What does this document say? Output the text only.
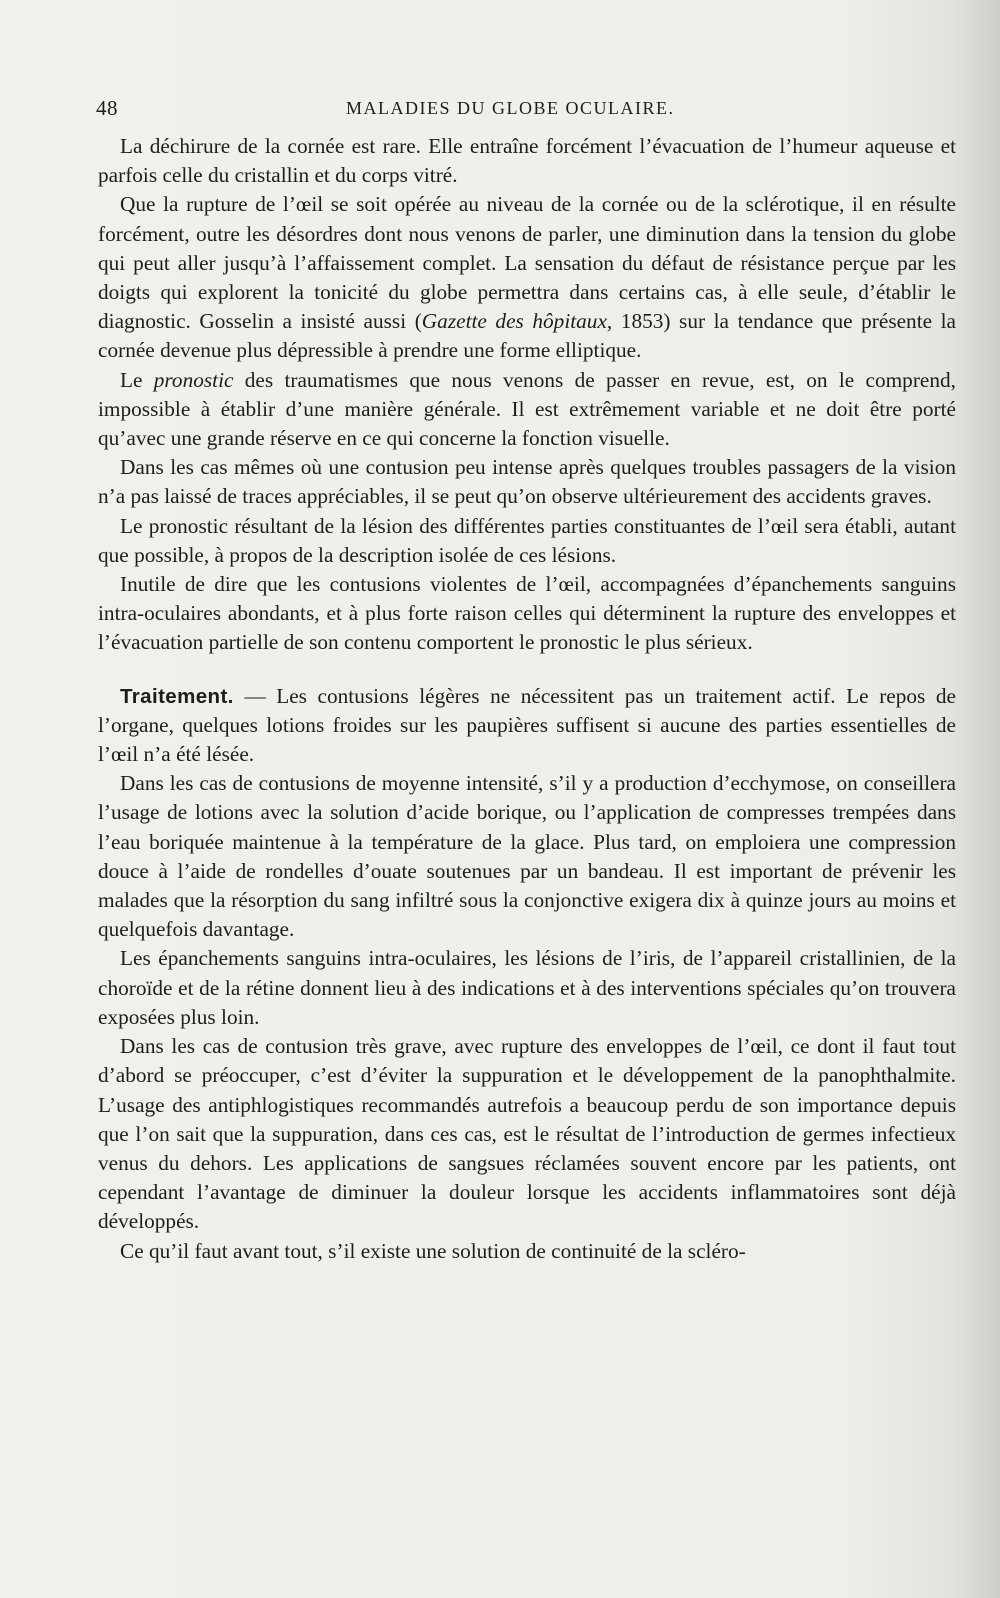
48	MALADIES DU GLOBE OCULAIRE.

La déchirure de la cornée est rare. Elle entraîne forcément l’évacuation de l’humeur aqueuse et parfois celle du cristallin et du corps vitré.

Que la rupture de l’œil se soit opérée au niveau de la cornée ou de la sclérotique, il en résulte forcément, outre les désordres dont nous venons de parler, une diminution dans la tension du globe qui peut aller jusqu’à l’affaissement complet. La sensation du défaut de résistance perçue par les doigts qui explorent la tonicité du globe permettra dans certains cas, à elle seule, d’établir le diagnostic. Gosselin a insisté aussi (Gazette des hôpitaux, 1853) sur la tendance que présente la cornée devenue plus dépressible à prendre une forme elliptique.

Le pronostic des traumatismes que nous venons de passer en revue, est, on le comprend, impossible à établir d’une manière générale. Il est extrêmement variable et ne doit être porté qu’avec une grande réserve en ce qui concerne la fonction visuelle.

Dans les cas mêmes où une contusion peu intense après quelques troubles passagers de la vision n’a pas laissé de traces appréciables, il se peut qu’on observe ultérieurement des accidents graves.

Le pronostic résultant de la lésion des différentes parties constituantes de l’œil sera établi, autant que possible, à propos de la description isolée de ces lésions.

Inutile de dire que les contusions violentes de l’œil, accompagnées d’épanchements sanguins intra-oculaires abondants, et à plus forte raison celles qui déterminent la rupture des enveloppes et l’évacuation partielle de son contenu comportent le pronostic le plus sérieux.

Traitement. — Les contusions légères ne nécessitent pas un traitement actif. Le repos de l’organe, quelques lotions froides sur les paupières suffisent si aucune des parties essentielles de l’œil n’a été lésée.

Dans les cas de contusions de moyenne intensité, s’il y a production d’ecchymose, on conseillera l’usage de lotions avec la solution d’acide borique, ou l’application de compresses trempées dans l’eau boriquée maintenue à la température de la glace. Plus tard, on emploiera une compression douce à l’aide de rondelles d’ouate soutenues par un bandeau. Il est important de prévenir les malades que la résorption du sang infiltré sous la conjonctive exigera dix à quinze jours au moins et quelquefois davantage.

Les épanchements sanguins intra-oculaires, les lésions de l’iris, de l’appareil cristallinien, de la choroïde et de la rétine donnent lieu à des indications et à des interventions spéciales qu’on trouvera exposées plus loin.

Dans les cas de contusion très grave, avec rupture des enveloppes de l’œil, ce dont il faut tout d’abord se préoccuper, c’est d’éviter la suppuration et le développement de la panophthalmite. L’usage des antiphlogistiques recommandés autrefois a beaucoup perdu de son importance depuis que l’on sait que la suppuration, dans ces cas, est le résultat de l’introduction de germes infectieux venus du dehors. Les applications de sangsues réclamées souvent encore par les patients, ont cependant l’avantage de diminuer la douleur lorsque les accidents inflammatoires sont déjà développés.

Ce qu’il faut avant tout, s’il existe une solution de continuité de la scléro-
